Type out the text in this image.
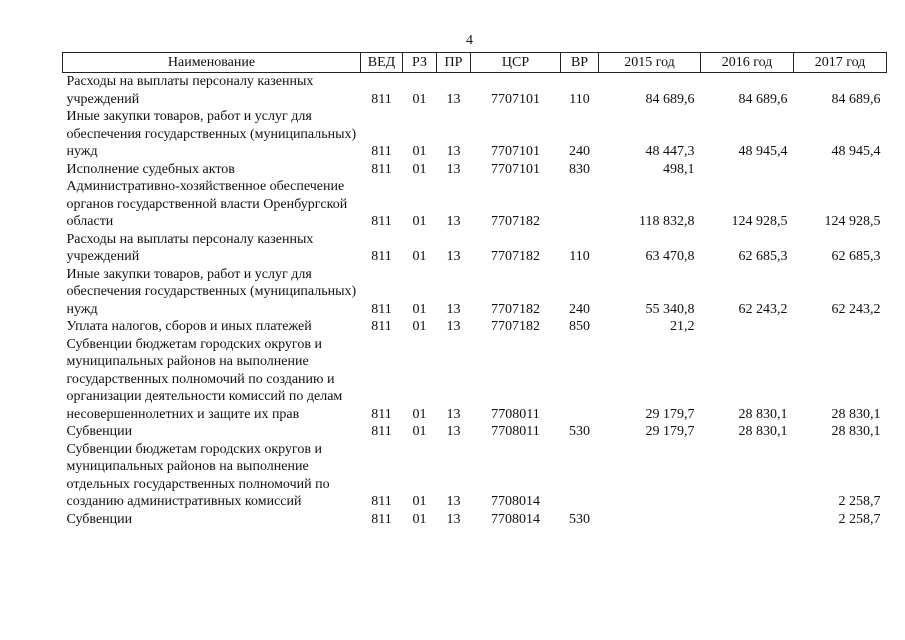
4
Наименование	ВЕД	РЗ	ПР	ЦСР	ВР	2015 год	2016 год	2017 год
Расходы на выплаты персоналу казенных учреждений	811	01	13	7707101	110	84 689,6	84 689,6	84 689,6
Иные закупки товаров, работ и услуг для обеспечения государственных (муниципальных) нужд	811	01	13	7707101	240	48 447,3	48 945,4	48 945,4
Исполнение судебных актов	811	01	13	7707101	830	498,1		
Административно-хозяйственное обеспечение органов государственной власти Оренбургской области	811	01	13	7707182		118 832,8	124 928,5	124 928,5
Расходы на выплаты персоналу казенных учреждений	811	01	13	7707182	110	63 470,8	62 685,3	62 685,3
Иные закупки товаров, работ и услуг для обеспечения государственных (муниципальных) нужд	811	01	13	7707182	240	55 340,8	62 243,2	62 243,2
Уплата налогов, сборов и иных платежей	811	01	13	7707182	850	21,2		
Субвенции бюджетам городских округов и муниципальных районов на выполнение государственных полномочий по созданию и организации деятельности комиссий по делам несовершеннолетних и защите их прав	811	01	13	7708011		29 179,7	28 830,1	28 830,1
Субвенции	811	01	13	7708011	530	29 179,7	28 830,1	28 830,1
Субвенции бюджетам городских округов и муниципальных районов на выполнение отдельных государственных полномочий по созданию административных комиссий	811	01	13	7708014				2 258,7
Субвенции	811	01	13	7708014	530			2 258,7
